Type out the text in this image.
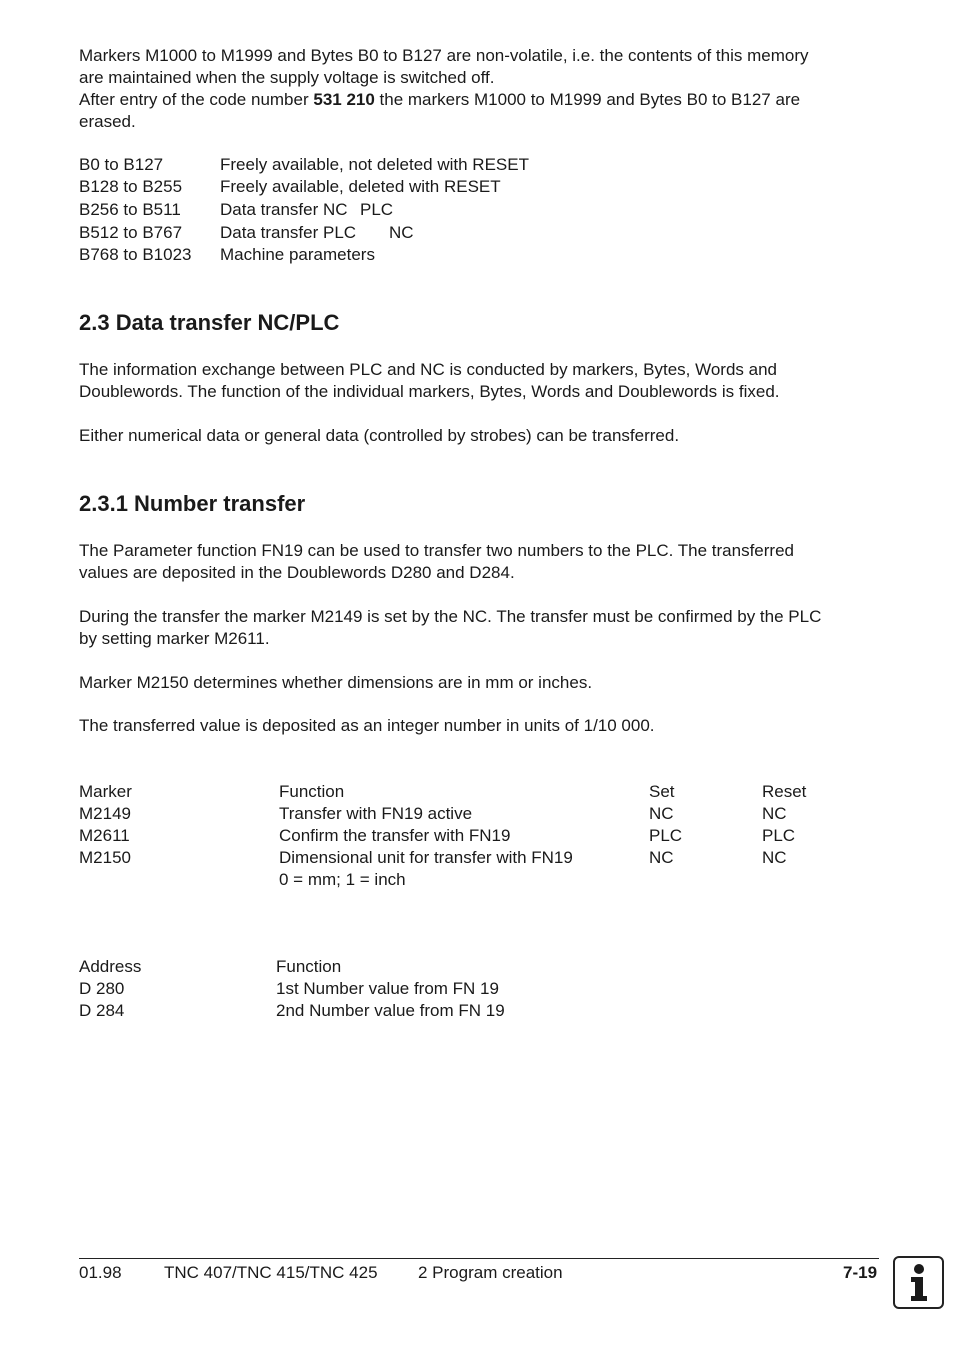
Markers M1000 to M1999 and Bytes B0 to B127 are non-volatile, i.e. the contents of this memory

are maintained when the supply voltage is switched off.

After entry of the code number 531 210 the markers M1000 to M1999 and Bytes B0 to B127 are

erased.

B0 to B127	Freely available, not deleted with RESET
B128 to B255 Freely available, deleted with RESET
B256 to B511 Data transfer NC PLC
B512 to B767 Data transfer PLC NC
B768 to B1023 Machine parameters
2.3 Data transfer NC/PLC

The information exchange between PLC and NC is conducted by markers, Bytes, Words and

Doublewords. The function of the individual markers, Bytes, Words and Doublewords is fixed.

Either numerical data or general data (controlled by strobes) can be transferred.

2.3.1 Number transfer

The Parameter function FN19 can be used to transfer two numbers to the PLC. The transferred

values are deposited in the Doublewords D280 and D284.

During the transfer the marker M2149 is set by the NC. The transfer must be confirmed by the PLC

by setting marker M2611.

Marker M2150 determines whether dimensions are in mm or inches.

The transferred value is deposited as an integer number in units of 1/10 000.

Marker	Function	Set	Reset
M2149	Transfer with FN19 active	NC	NC
M2611	Confirm the transfer with FN19	PLC	PLC
M2150	Dimensional unit for transfer with FN19	NC	NC
0 = mm; 1 = inch
Address	Function
D 280	1st Number value from FN 19
D 284	2nd Number value from FN 19
01.98 TNC 407/TNC 415/TNC 425 2 Program creation	7-19
